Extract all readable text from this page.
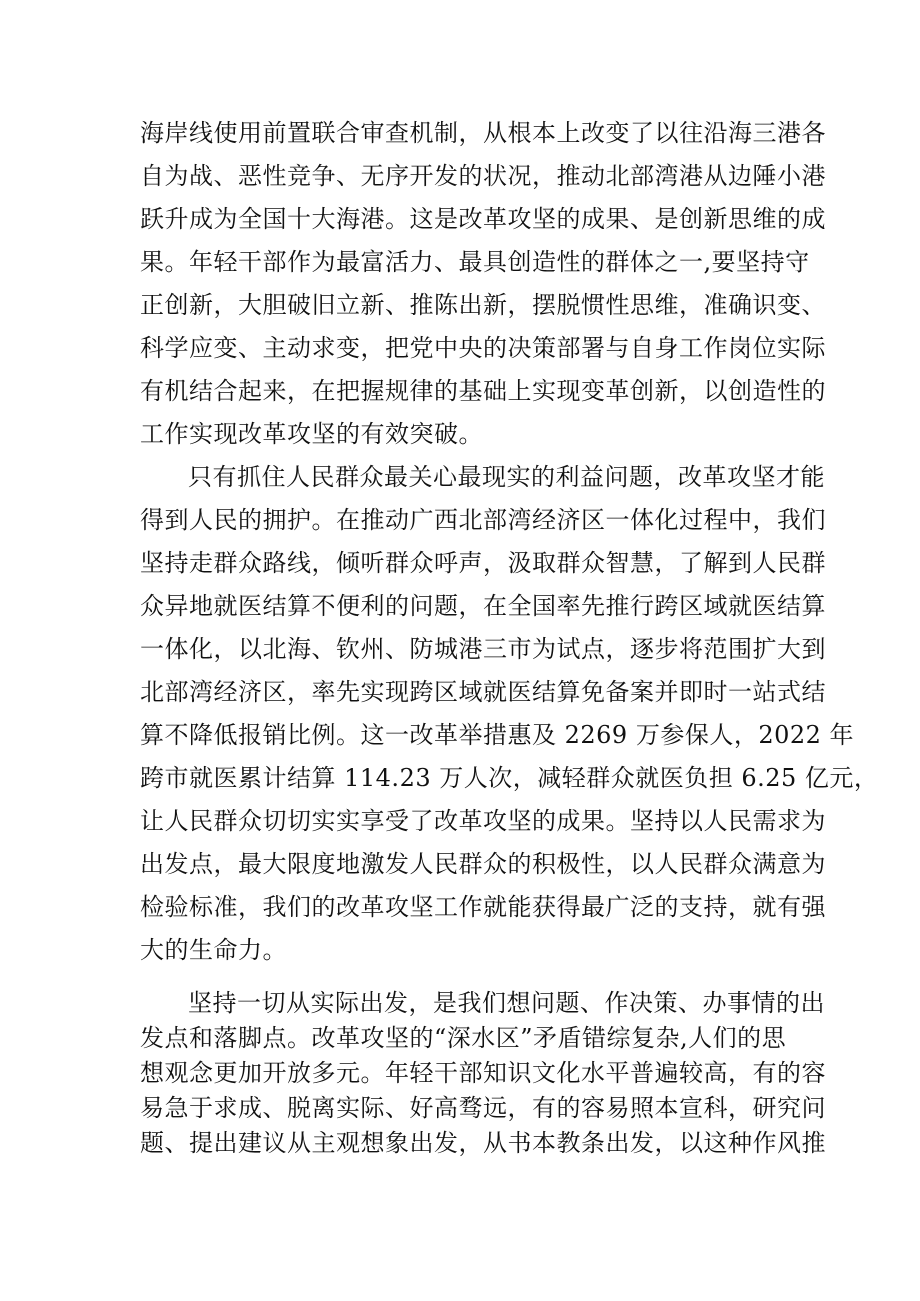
海岸线使用前置联合审查机制，从根本上改变了以往沿海三港各
自为战、恶性竞争、无序开发的状况，推动北部湾港从边陲小港
跃升成为全国十大海港。这是改革攻坚的成果、是创新思维的成
果。年轻干部作为最富活力、最具创造性的群体之一,要坚持守
正创新，大胆破旧立新、推陈出新，摆脱惯性思维，准确识变、
科学应变、主动求变，把党中央的决策部署与自身工作岗位实际
有机结合起来，在把握规律的基础上实现变革创新，以创造性的
工作实现改革攻坚的有效突破。
只有抓住人民群众最关心最现实的利益问题，改革攻坚才能
得到人民的拥护。在推动广西北部湾经济区一体化过程中，我们
坚持走群众路线，倾听群众呼声，汲取群众智慧，了解到人民群
众异地就医结算不便利的问题，在全国率先推行跨区域就医结算
一体化，以北海、钦州、防城港三市为试点，逐步将范围扩大到
北部湾经济区，率先实现跨区域就医结算免备案并即时一站式结
算不降低报销比例。这一改革举措惠及 2269 万参保人，2022 年
跨市就医累计结算 114.23 万人次，减轻群众就医负担 6.25 亿元，
让人民群众切切实实享受了改革攻坚的成果。坚持以人民需求为
出发点，最大限度地激发人民群众的积极性，以人民群众满意为
检验标准，我们的改革攻坚工作就能获得最广泛的支持，就有强
大的生命力。
坚持一切从实际出发，是我们想问题、作决策、办事情的出
发点和落脚点。改革攻坚的“深水区”矛盾错综复杂,人们的思
想观念更加开放多元。年轻干部知识文化水平普遍较高，有的容
易急于求成、脱离实际、好高骛远，有的容易照本宣科，研究问
题、提出建议从主观想象出发，从书本教条出发，以这种作风推
